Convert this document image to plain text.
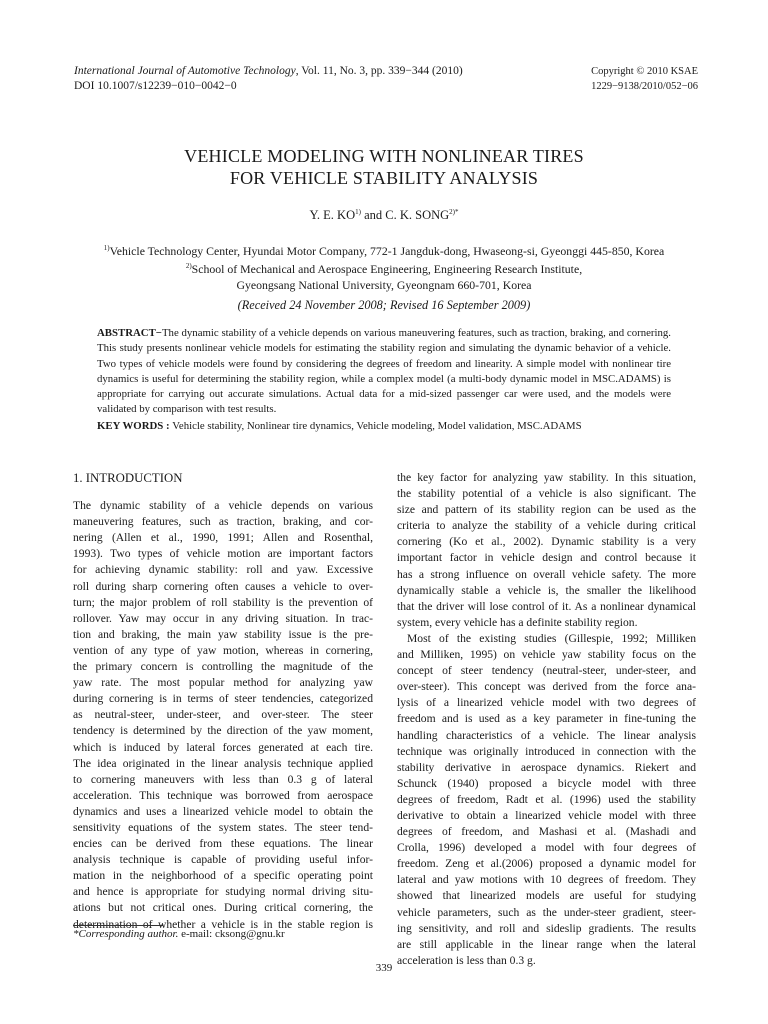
International Journal of Automotive Technology, Vol. 11, No. 3, pp. 339−344 (2010)
DOI 10.1007/s12239−010−0042−0
Copyright © 2010 KSAE
1229−9138/2010/052−06
VEHICLE MODELING WITH NONLINEAR TIRES
FOR VEHICLE STABILITY ANALYSIS
Y. E. KO$^{1)}$ and C. K. $SONG^{2)*}$
$^{1)}$Vehicle Technology Center, Hyundai Motor Company, 772-1 Jangduk-dong, Hwaseong-si, Gyeonggi 445-850, Korea
$^{2)}$School of Mechanical and Aerospace Engineering, Engineering Research Institute,
Gyeongsang National University, Gyeongnam 660-701, Korea
(Received 24 November 2008; Revised 16 September 2009)
ABSTRACT−The dynamic stability of a vehicle depends on various maneuvering features, such as traction, braking, and cornering. This study presents nonlinear vehicle models for estimating the stability region and simulating the dynamic behavior of a vehicle. Two types of vehicle models were found by considering the degrees of freedom and linearity. A simple model with nonlinear tire dynamics is useful for determining the stability region, while a complex model (a multi-body dynamic model in MSC.ADAMS) is appropriate for carrying out accurate simulations. Actual data for a mid-sized passenger car were used, and the models were validated by comparison with test results.
KEY WORDS : Vehicle stability, Nonlinear tire dynamics, Vehicle modeling, Model validation, MSC.ADAMS
1. INTRODUCTION
The dynamic stability of a vehicle depends on various
maneuvering features, such as traction, braking, and cor-
nering (Allen et al., 1990, 1991; Allen and Rosenthal,
1993). Two types of vehicle motion are important factors
for achieving dynamic stability: roll and yaw. Excessive
roll during sharp cornering often causes a vehicle to over-
turn; the major problem of roll stability is the prevention of
rollover. Yaw may occur in any driving situation. In trac-
tion and braking, the main yaw stability issue is the pre-
vention of any type of yaw motion, whereas in cornering,
the primary concern is controlling the magnitude of the
yaw rate. The most popular method for analyzing yaw
during cornering is in terms of steer tendencies, categorized
as neutral-steer, under-steer, and over-steer. The steer
tendency is determined by the direction of the yaw moment,
which is induced by lateral forces generated at each tire.
The idea originated in the linear analysis technique applied
to cornering maneuvers with less than 0.3 g of lateral
acceleration. This technique was borrowed from aerospace
dynamics and uses a linearized vehicle model to obtain the
sensitivity equations of the system states. The steer tend-
encies can be derived from these equations. The linear
analysis technique is capable of providing useful infor-
mation in the neighborhood of a specific operating point
and hence is appropriate for studying normal driving situ-
ations but not critical ones. During critical cornering, the
determination of whether a vehicle is in the stable region is
the key factor for analyzing yaw stability. In this situation,
the stability potential of a vehicle is also significant. The
size and pattern of its stability region can be used as the
criteria to analyze the stability of a vehicle during critical
cornering (Ko et al., 2002). Dynamic stability is a very
important factor in vehicle design and control because it
has a strong influence on overall vehicle safety. The more
dynamically stable a vehicle is, the smaller the likelihood
that the driver will lose control of it. As a nonlinear dynamical
system, every vehicle has a definite stability region.
Most of the existing studies (Gillespie, 1992; Milliken
and Milliken, 1995) on vehicle yaw stability focus on the
concept of steer tendency (neutral-steer, under-steer, and
over-steer). This concept was derived from the force ana-
lysis of a linearized vehicle model with two degrees of
freedom and is used as a key parameter in fine-tuning the
handling characteristics of a vehicle. The linear analysis
technique was originally introduced in connection with the
stability derivative in aerospace dynamics. Riekert and
Schunck (1940) proposed a bicycle model with three
degrees of freedom, Radt et al. (1996) used the stability
derivative to obtain a linearized vehicle model with three
degrees of freedom, and Mashasi et al. (Mashadi and
Crolla, 1996) developed a model with four degrees of
freedom. Zeng et al.(2006) proposed a dynamic model for
lateral and yaw motions with 10 degrees of freedom. They
showed that linearized models are useful for studying
vehicle parameters, such as the under-steer gradient, steer-
ing sensitivity, and roll and sideslip gradients. The results
are still applicable in the linear range when the lateral
acceleration is less than 0.3 g.
*Corresponding author. e-mail: cksong@gnu.kr
339
